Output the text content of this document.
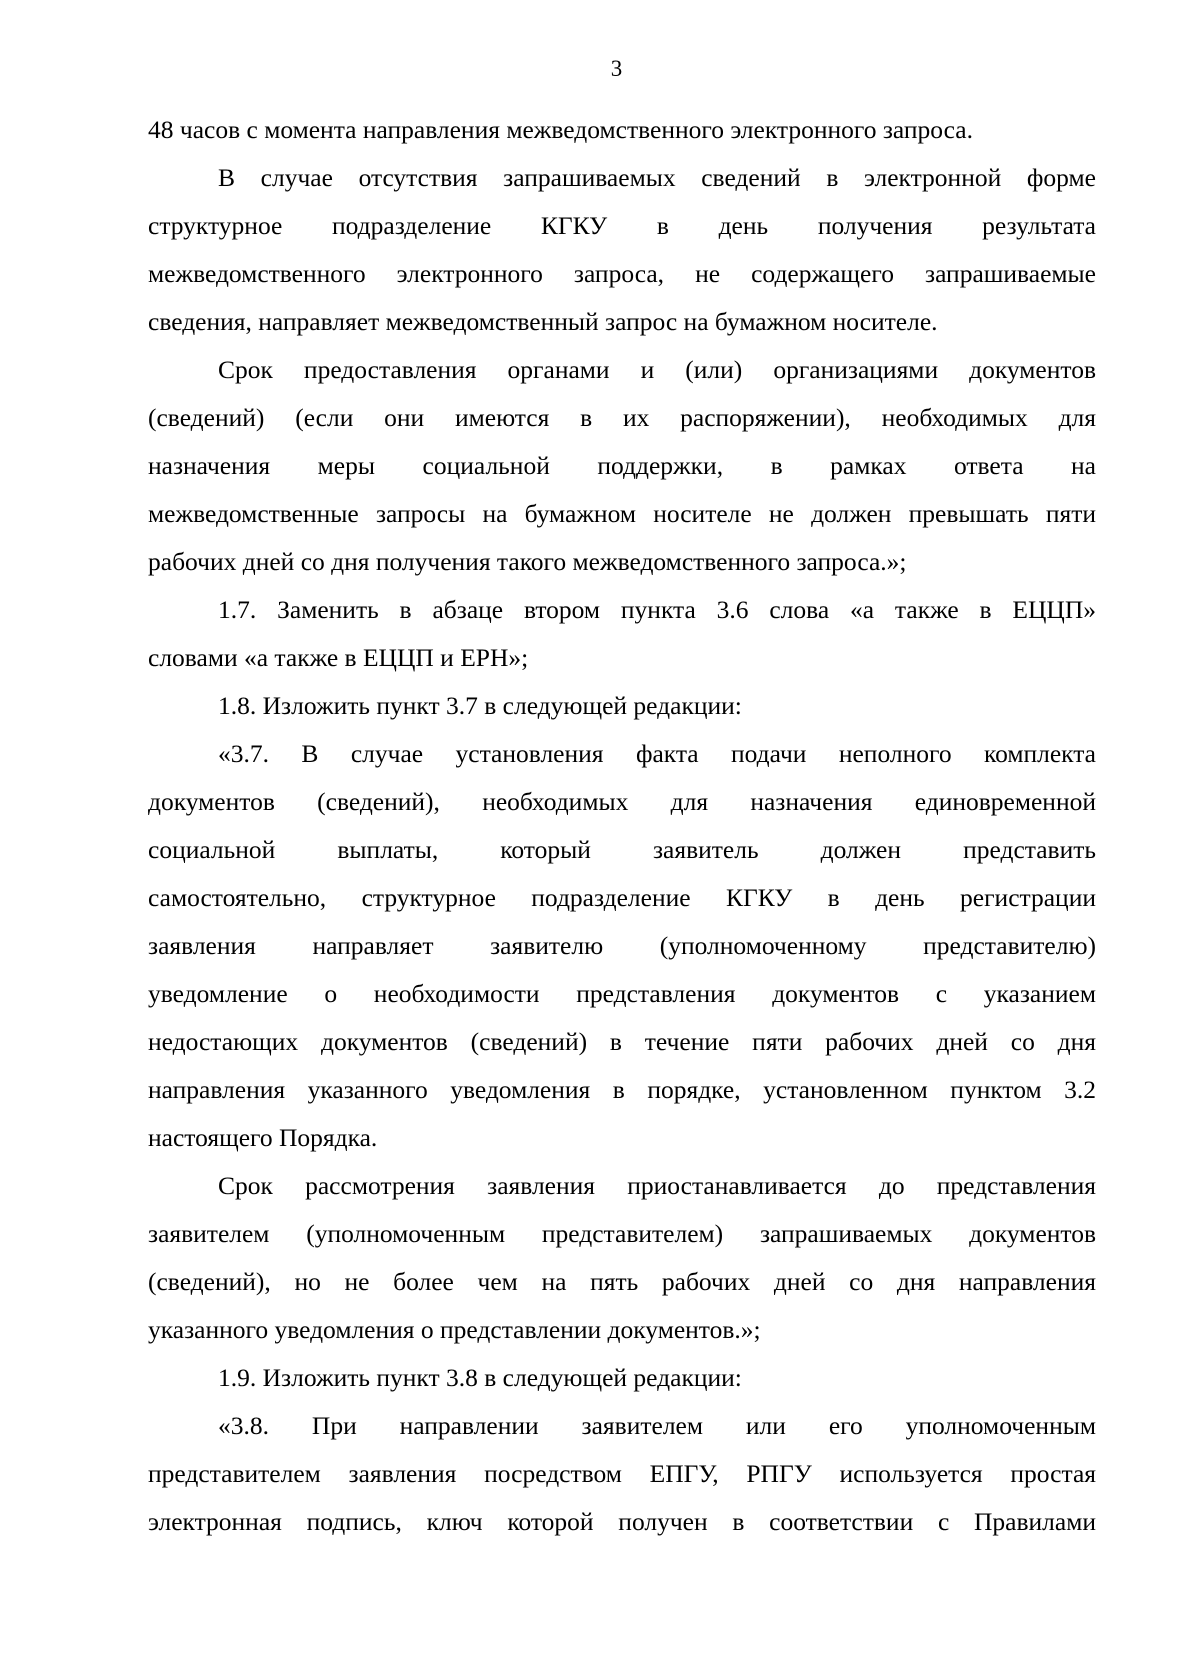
3
48 часов с момента направления межведомственного электронного запроса.
В случае отсутствия запрашиваемых сведений в электронной форме
структурное подразделение КГКУ в день получения результата
межведомственного электронного запроса, не содержащего запрашиваемые
сведения, направляет межведомственный запрос на бумажном носителе.
Срок предоставления органами и (или) организациями документов
(сведений) (если они имеются в их распоряжении), необходимых для
назначения меры социальной поддержки, в рамках ответа на
межведомственные запросы на бумажном носителе не должен превышать пяти
рабочих дней со дня получения такого межведомственного запроса.»;
1.7. Заменить в абзаце втором пункта 3.6 слова «а также в ЕЦЦП»
словами «а также в ЕЦЦП и ЕРН»;
1.8. Изложить пункт 3.7 в следующей редакции:
«3.7. В случае установления факта подачи неполного комплекта
документов (сведений), необходимых для назначения единовременной
социальной выплаты, который заявитель должен представить
самостоятельно, структурное подразделение КГКУ в день регистрации
заявления направляет заявителю (уполномоченному представителю)
уведомление о необходимости представления документов с указанием
недостающих документов (сведений) в течение пяти рабочих дней со дня
направления указанного уведомления в порядке, установленном пунктом 3.2
настоящего Порядка.
Срок рассмотрения заявления приостанавливается до представления
заявителем (уполномоченным представителем) запрашиваемых документов
(сведений), но не более чем на пять рабочих дней со дня направления
указанного уведомления о представлении документов.»;
1.9. Изложить пункт 3.8 в следующей редакции:
«3.8. При направлении заявителем или его уполномоченным
представителем заявления посредством ЕПГУ, РПГУ используется простая
электронная подпись, ключ которой получен в соответствии с Правилами
